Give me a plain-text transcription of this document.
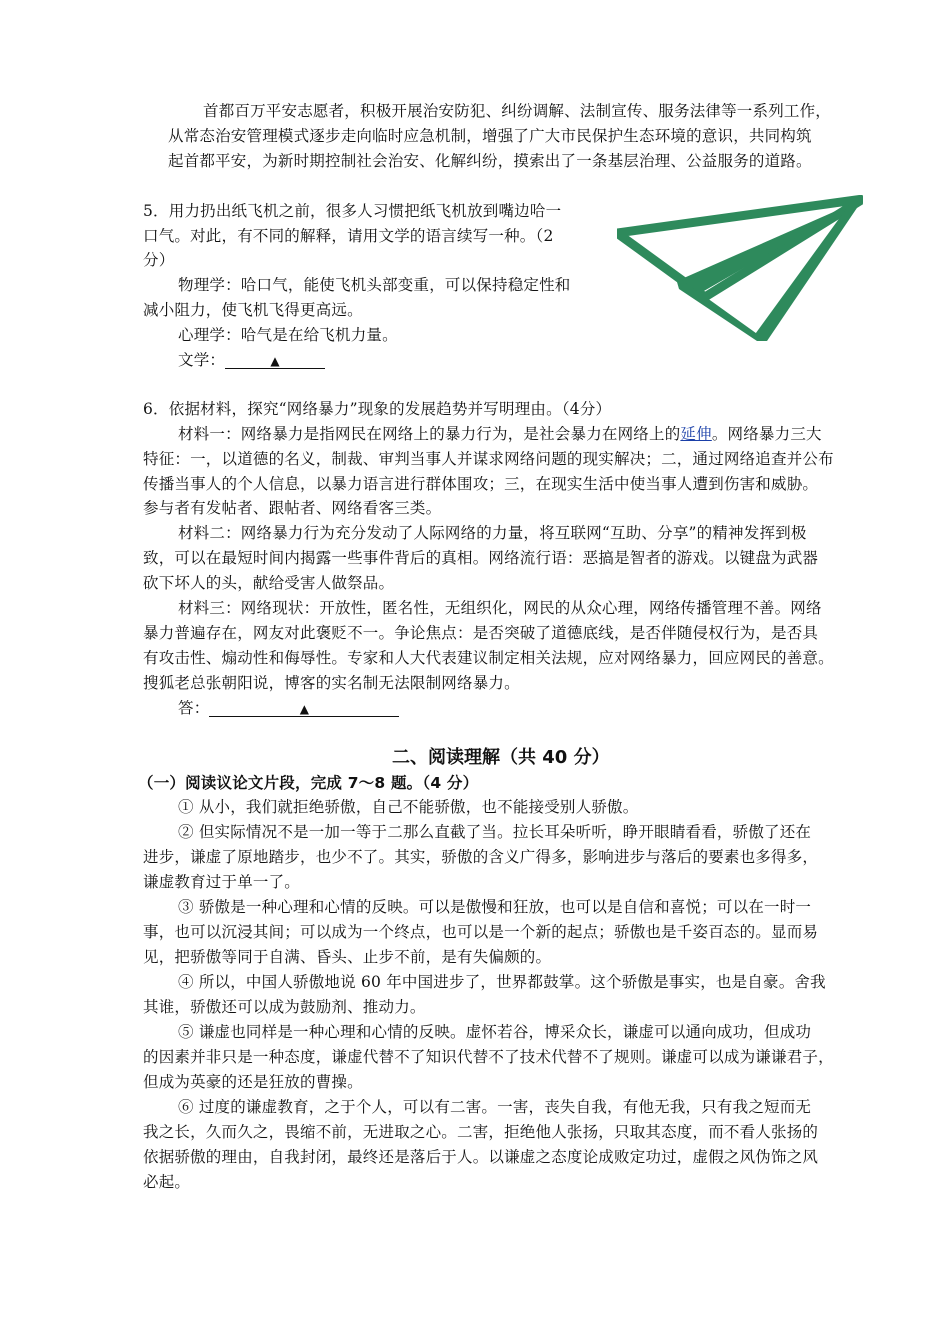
首都百万平安志愿者，积极开展治安防犯、纠纷调解、法制宣传、服务法律等一系列工作，
从常态治安管理模式逐步走向临时应急机制，增强了广大市民保护生态环境的意识，共同构筑
起首都平安，为新时期控制社会治安、化解纠纷，摸索出了一条基层治理、公益服务的道路。
5．用力扔出纸飞机之前，很多人习惯把纸飞机放到嘴边哈一
口气。对此，有不同的解释，请用文学的语言续写一种。（2
分）
物理学：哈口气，能使飞机头部变重，可以保持稳定性和
减小阻力，使飞机飞得更高远。
心理学：哈气是在给飞机力量。
文学：	▲
6．依据材料，探究“网络暴力”现象的发展趋势并写明理由。（4分）
材料一：网络暴力是指网民在网络上的暴力行为，是社会暴力在网络上的延伸。网络暴力三大
特征：一，以道德的名义，制裁、审判当事人并谋求网络问题的现实解决；二，通过网络追查并公布
传播当事人的个人信息，以暴力语言进行群体围攻；三，在现实生活中使当事人遭到伤害和威胁。
参与者有发帖者、跟帖者、网络看客三类。
材料二：网络暴力行为充分发动了人际网络的力量，将互联网“互助、分享”的精神发挥到极
致，可以在最短时间内揭露一些事件背后的真相。网络流行语：恶搞是智者的游戏。以键盘为武器
砍下坏人的头，献给受害人做祭品。
材料三：网络现状：开放性，匿名性，无组织化，网民的从众心理，网络传播管理不善。网络
暴力普遍存在，网友对此褒贬不一。争论焦点：是否突破了道德底线，是否伴随侵权行为，是否具
有攻击性、煽动性和侮辱性。专家和人大代表建议制定相关法规，应对网络暴力，回应网民的善意。
搜狐老总张朝阳说，博客的实名制无法限制网络暴力。
答：	▲
二、阅读理解（共 40 分）
（一）阅读议论文片段，完成 7～8 题。（4 分）
① 从小，我们就拒绝骄傲，自己不能骄傲，也不能接受别人骄傲。
② 但实际情况不是一加一等于二那么直截了当。拉长耳朵听听，睁开眼睛看看，骄傲了还在
进步，谦虚了原地踏步，也少不了。其实，骄傲的含义广得多，影响进步与落后的要素也多得多，
谦虚教育过于单一了。
③ 骄傲是一种心理和心情的反映。可以是傲慢和狂放，也可以是自信和喜悦；可以在一时一
事，也可以沉浸其间；可以成为一个终点，也可以是一个新的起点；骄傲也是千姿百态的。显而易
见，把骄傲等同于自满、昏头、止步不前，是有失偏颇的。
④ 所以，中国人骄傲地说 60 年中国进步了，世界都鼓掌。这个骄傲是事实，也是自豪。舍我
其谁，骄傲还可以成为鼓励剂、推动力。
⑤ 谦虚也同样是一种心理和心情的反映。虚怀若谷，博采众长，谦虚可以通向成功，但成功
的因素并非只是一种态度，谦虚代替不了知识代替不了技术代替不了规则。谦虚可以成为谦谦君子，
但成为英豪的还是狂放的曹操。
⑥ 过度的谦虚教育，之于个人，可以有二害。一害，丧失自我，有他无我，只有我之短而无
我之长，久而久之，畏缩不前，无进取之心。二害，拒绝他人张扬，只取其态度，而不看人张扬的
依据骄傲的理由，自我封闭，最终还是落后于人。以谦虚之态度论成败定功过，虚假之风伪饰之风
必起。
